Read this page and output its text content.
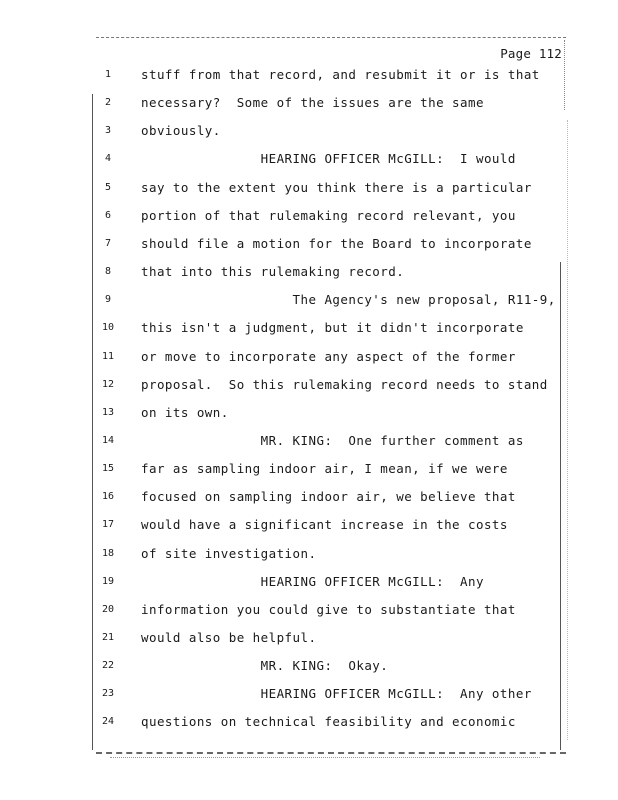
Page 112
1	stuff from that record, and resubmit it or is that
2	necessary?  Some of the issues are the same
3	obviously.
4	HEARING OFFICER McGILL:  I would
5	say to the extent you think there is a particular
6	portion of that rulemaking record relevant, you
7	should file a motion for the Board to incorporate
8	that into this rulemaking record.
9	The Agency's new proposal, R11-9,
10	this isn't a judgment, but it didn't incorporate
11	or move to incorporate any aspect of the former
12	proposal.  So this rulemaking record needs to stand
13	on its own.
14	MR. KING:  One further comment as
15	far as sampling indoor air, I mean, if we were
16	focused on sampling indoor air, we believe that
17	would have a significant increase in the costs
18	of site investigation.
19	HEARING OFFICER McGILL:  Any
20	information you could give to substantiate that
21	would also be helpful.
22	MR. KING:  Okay.
23	HEARING OFFICER McGILL:  Any other
24	questions on technical feasibility and economic
